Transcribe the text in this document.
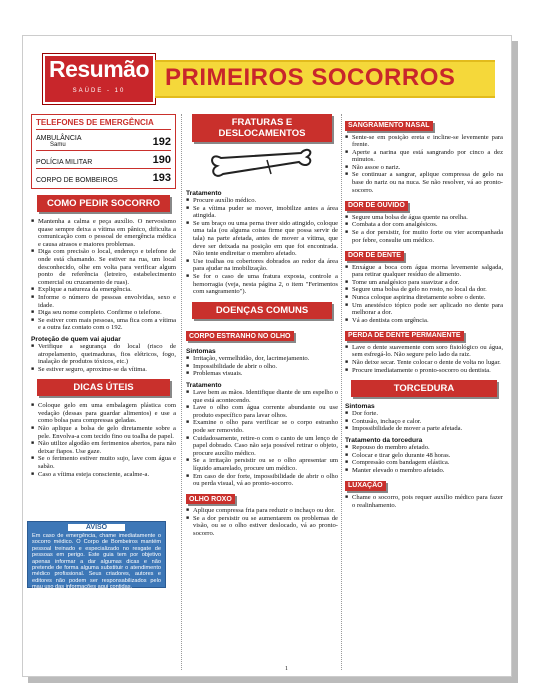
Resumão
SAÚDE - 10	PRIMEIROS SOCORROS
TELEFONES DE EMERGÊNCIA
AMBULÂNCIA
Samu	192
POLÍCIA MILITAR	190
CORPO DE BOMBEIROS	193
COMO PEDIR SOCORRO
■ Mantenha a calma e peça auxílio. O nervosismo quase sempre deixa a vítima em pânico, dificulta a comunicação com o pessoal de emergência médica e causa atrasos e maiores problemas.
■ Diga com precisão o local, endereço e telefone de onde está chamando. Se estiver na rua, um local desconhecido, olhe em volta para verificar algum ponto de referência (letreiro, estabelecimento comercial ou cruzamento de ruas).
■ Explique a natureza da emergência.
■ Informe o número de pessoas envolvidas, sexo e idade.
■ Diga seu nome completo. Confirme o telefone.
■ Se estiver com mais pessoas, uma fica com a vítima e a outra faz contato com o 192.
Proteção de quem vai ajudar
■ Verifique a segurança do local (risco de atropelamento, queimaduras, fios elétricos, fogo, inalação de produtos tóxicos, etc.)
■ Se estiver seguro, aproxime-se da vítima.
DICAS ÚTEIS
■ Coloque gelo em uma embalagem plástica com vedação (dessas para guardar alimentos) e use a como bolsa para compressas geladas.
■ Não aplique a bolsa de gelo diretamente sobre a pele. Envolva-a com tecido fino ou toalha de papel.
■ Não utilize algodão em ferimentos abertos, para não deixar fiapos. Use gaze.
■ Se o ferimento estiver muito sujo, lave com água e sabão.
■ Caso a vítima esteja consciente, acalme-a.
AVISO
Em caso de emergência, chame imediatamente o socorro médico. O Corpo de Bombeiros mantém pessoal treinado e especializado no resgate de pessoas em perigo. Este guia tem por objetivo apenas informar a dar algumas dicas e não pretende de forma alguma substituir o atendimento médico profissional. Seus criadores, autores e editores não podem ser responsabilizados pelo mau uso das informações aqui contidas.
FRATURAS E DESLOCAMENTOS
Tratamento
■ Procure auxílio médico.
■ Se a vítima puder se mover, imobilize antes a área atingida.
■ Se um braço ou uma perna tiver sido atingido, coloque uma tala (ou alguma coisa firme que possa servir de tala) na parte afetada, antes de mover a vítima, que deve ser deixada na posição em que foi encontrada. Não tente endireitar o membro afetado.
■ Use toalhas ou cobertores dobrados ao redor da área para ajudar na imobilização.
■ Se for o caso de uma fratura exposta, controle a hemorragia (veja, nesta página 2, o item "Ferimentos com sangramento").
DOENÇAS COMUNS
CORPO ESTRANHO NO OLHO
Sintomas
■ Irritação, vermelhidão, dor, lacrimejamento.
■ Impossibilidade de abrir o olho.
■ Problemas visuais.
Tratamento
■ Lave bem as mãos. Identifique diante de um espelho o que está acontecendo.
■ Lave o olho com água corrente abundante ou use produto específico para lavar olhos.
■ Examine o olho para verificar se o corpo estranho pode ser removido.
■ Cuidadosamente, retire-o com o canto de um lenço de papel dobrado. Caso não seja possível retirar o objeto, procure auxílio médico.
■ Se a irritação persistir ou se o olho apresentar um líquido amarelado, procure um médico.
■ Em caso de dor forte, impossibilidade de abrir o olho ou perda visual, vá ao pronto-socorro.
OLHO ROXO
■ Aplique compressa fria para reduzir o inchaço ou dor.
■ Se a dor persistir ou se aumentarem os problemas de visão, ou se o olho estiver deslocado, vá ao pronto-socorro.
SANGRAMENTO NASAL
■ Sente-se em posição ereta e incline-se levemente para frente.
■ Aperte a narina que está sangrando por cinco a dez minutos.
■ Não assoe o nariz.
■ Se continuar a sangrar, aplique compressa de gelo na base do nariz ou na nuca. Se não resolver, vá ao pronto-socorro.
DOR DE OUVIDO
■ Segure uma bolsa de água quente na orelha.
■ Combata a dor com analgésicos.
■ Se a dor persistir, for muito forte ou vier acompanhada por febre, consulte um médico.
DOR DE DENTE
■ Enxágue a boca com água morna levemente salgada, para retirar qualquer resíduo de alimento.
■ Tome um analgésico para suavizar a dor.
■ Segure uma bolsa de gelo no rosto, no local da dor.
■ Nunca coloque aspirina diretamente sobre o dente.
■ Um anestésico tópico pode ser aplicado no dente para melhorar a dor.
■ Vá ao dentista com urgência.
PERDA DE DENTE PERMANENTE
■ Lave o dente suavemente com soro fisiológico ou água, sem esfregá-lo. Não segure pelo lado da raiz.
■ Não deixe secar. Tente colocar o dente de volta no lugar.
■ Procure imediatamente o pronto-socorro ou dentista.
TORCEDURA
Sintomas
■ Dor forte.
■ Contusão, inchaço e calor.
■ Impossibilidade de mover a parte afetada.
Tratamento da torcedura
■ Repouso do membro afetado.
■ Colocar e tirar gelo durante 48 horas.
■ Compressão com bandagem elástica.
■ Manter elevado o membro afetado.
LUXAÇÃO
■ Chame o socorro, pois requer auxílio médico para fazer o realinhamento.
1
